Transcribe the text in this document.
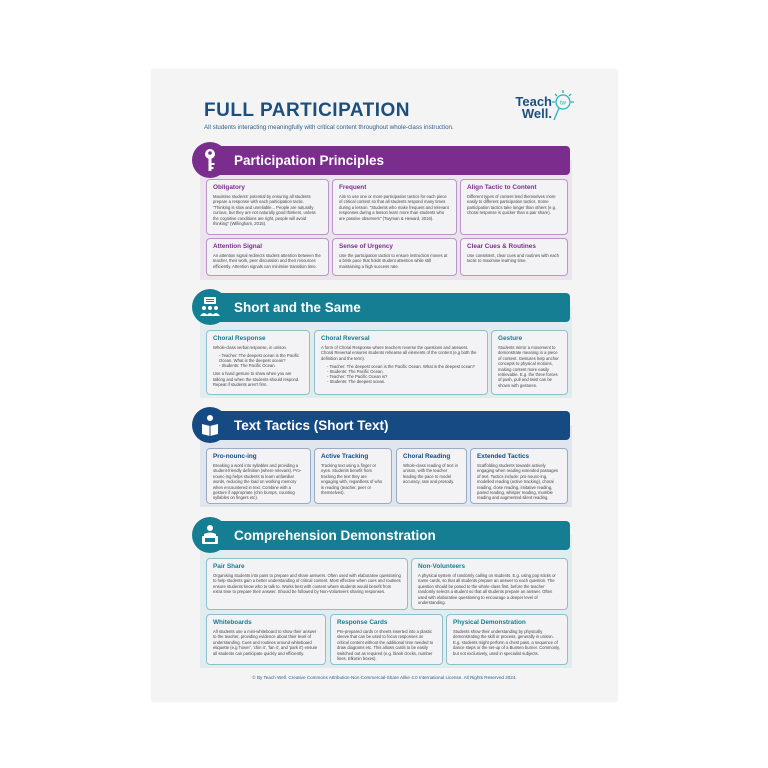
FULL PARTICIPATION
All students interacting meaningfully with critical content throughout whole-class instruction.
Teach
Well.
tw
Participation Principles
Obligatory

Maximise students' potential by ensuring all students prepare a response with each participation tactic. "Thinking is slow and unreliable... People are naturally curious, but they are not naturally good thinkers, unless the cognitive conditions are right, people will avoid thinking" (Willingham, 2015).

Frequent

Aim to use one or more participation tactics for each piece of critical content so that all students respond many times during a lesson. "Students who make frequent and relevant responses during a lesson learn more than students who are passive observers" (Twyman & Heward, 2016).

Align Tactic to Content

Different types of content lend themselves more easily to different participation tactics. Some participation tactics take longer than others (e.g. choral response is quicker than a pair share).

Attention Signal

An attention signal redirects student attention between the teacher, their work, peer discussion and their resources efficiently. Attention signals can minimise transition time.

Sense of Urgency

Use the participation tactics to ensure instruction moves at a brisk pace that holds student attention while still maintaining a high success rate.

Clear Cues & Routines

Use consistent, clear cues and routines with each tactic to maximise learning time.

Short and the Same
Choral Response

Whole-class verbal response, in unison.

- Teacher: The deepest ocean is the Pacific Ocean. What is the deepest ocean?
- Students: The Pacific Ocean.

Use a hand gesture to show when you are talking and when the students should respond. Repeat if students aren't firm.

Choral Reversal

A form of Choral Response where teachers reverse the questions and answers. Choral Reversal ensures students rehearse all elements of the content (e.g both the definition and the term).

- Teacher: The deepest ocean is the Pacific Ocean. What is the deepest ocean?
- Students: The Pacific Ocean.
- Teacher: The Pacific Ocean is?
- Students: The deepest ocean.
Gesture

Students mirror a movement to demonstrate meaning in a piece of content. Gestures help anchor concepts to physical motions, making content more easily retrievable. E.g. the three forces of push, pull and twist can be shown with gestures.

Text Tactics (Short Text)
Pro-nounc-ing

Breaking a word into syllables and providing a student-friendly definition (where relevant). Pro-nounc-ing helps students to learn unfamiliar words, reducing the load on working memory when encountered in text. Combine with a gesture if appropriate (chin bumps, counting syllables on fingers etc).

Active Tracking

Tracking text using a finger or eyes. Students benefit from tracking the text they are engaging with, regardless of who is reading (teacher, peer or themselves).

Choral Reading

Whole-class reading of text in unison, with the teacher leading the pace to model accuracy, rate and prosody.

Extended Tactics

Scaffolding students towards actively engaging when reading extended passages of text. Tactics include: pro-nounc-ing, modelled reading (active tracking), choral reading, close reading, imitative reading, paired reading, whisper reading, mumble reading and augmented silent reading.

Comprehension Demonstration
Pair Share

Organising students into pairs to prepare and share answers. Often used with elaborative questioning to help students gain a better understanding of critical content. Most effective when cues and routines ensure students know who to talk to. Works best with content where students would benefit from extra time to prepare their answer. Should be followed by Non-Volunteers sharing responses.

Non-Volunteers

A physical system of randomly calling on students. E.g. using pop sticks or name cards, so that all students prepare an answer to each question. The question should be posed to the whole-class first, before the teacher randomly selects a student so that all students prepare an answer. Often used with elaborative questioning to encourage a deeper level of understanding.

Whiteboards

All students use a mini-whiteboard to show their answer to the teacher, providing evidence about their level of understanding. Cues and routines around whiteboard etiquette (e.g 'hover', 'chin it', 'fan it', and 'park it') ensure all students can participate quickly and efficiently.

Response Cards

Pre-prepared cards or sheets inserted into a plastic sleeve that can be used to focus responses on critical content without the additional time needed to draw diagrams etc. This allows cards to be easily switched out as required (e.g. blank clocks, number lines, Elkonin boxes).

Physical Demonstration

Students show their understanding by physically demonstrating the skill or process, generally in unison. E.g. students might perform a chest pass, a sequence of dance steps or the set-up of a Bunsen burner. Commonly, but not exclusively, used in specialist subjects.

© By Teach Well. Creative Commons Attribution-Non Commercial-Share Alike 4.0 International License. All Rights Reserved 2024.
